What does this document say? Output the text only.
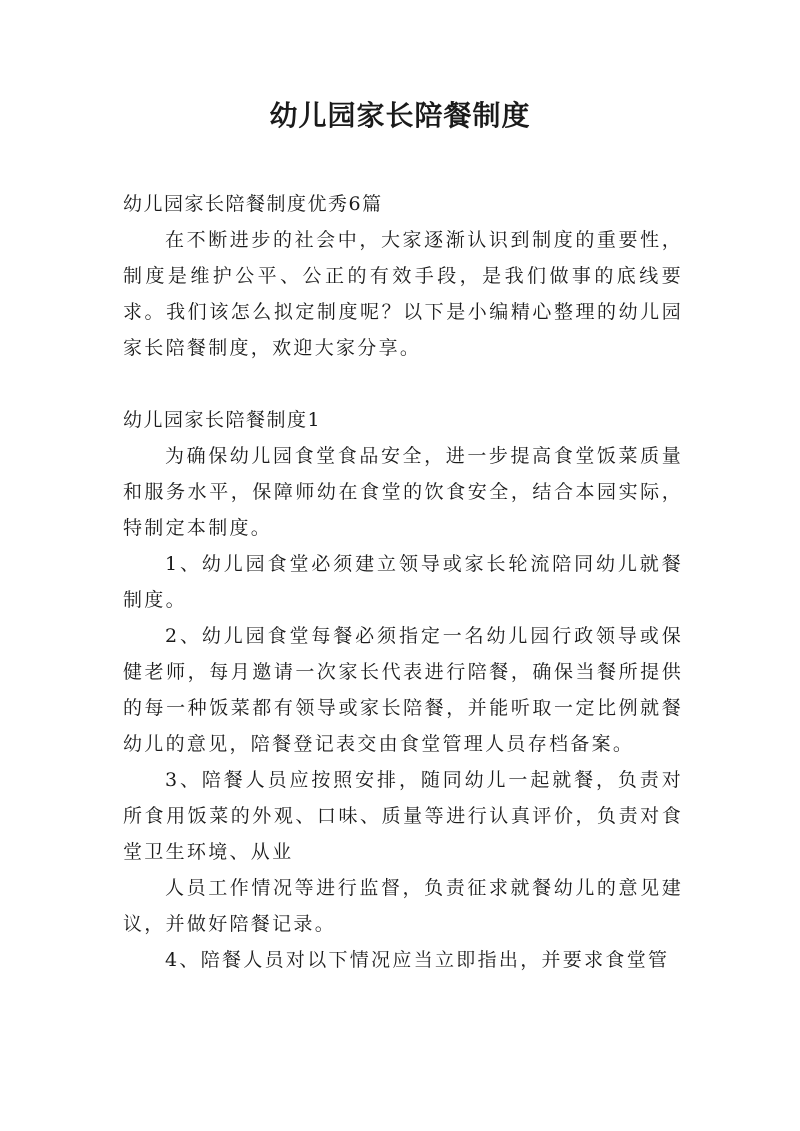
幼儿园家长陪餐制度

幼儿园家长陪餐制度优秀6篇

在不断进步的社会中，大家逐渐认识到制度的重要性，制度是维护公平、公正的有效手段，是我们做事的底线要求。我们该怎么拟定制度呢？以下是小编精心整理的幼儿园家长陪餐制度，欢迎大家分享。

幼儿园家长陪餐制度1

为确保幼儿园食堂食品安全，进一步提高食堂饭菜质量和服务水平，保障师幼在食堂的饮食安全，结合本园实际，特制定本制度。

1、幼儿园食堂必须建立领导或家长轮流陪同幼儿就餐制度。

2、幼儿园食堂每餐必须指定一名幼儿园行政领导或保健老师，每月邀请一次家长代表进行陪餐，确保当餐所提供的每一种饭菜都有领导或家长陪餐，并能听取一定比例就餐幼儿的意见，陪餐登记表交由食堂管理人员存档备案。

3、陪餐人员应按照安排，随同幼儿一起就餐，负责对所食用饭菜的外观、口味、质量等进行认真评价，负责对食堂卫生环境、从业

人员工作情况等进行监督，负责征求就餐幼儿的意见建议，并做好陪餐记录。

4、陪餐人员对以下情况应当立即指出，并要求食堂管
